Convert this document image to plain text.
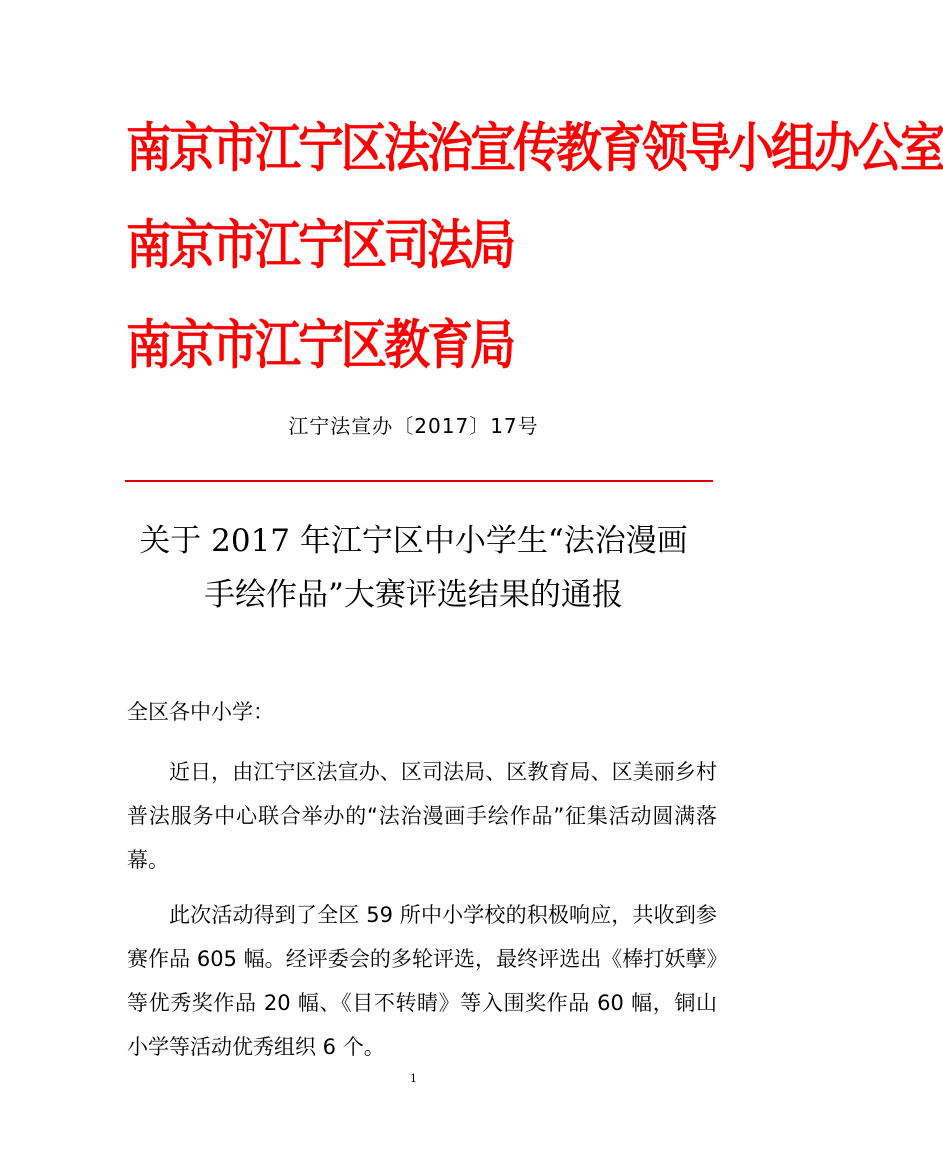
南京市江宁区法治宣传教育领导小组办公室
南京市江宁区司法局
南京市江宁区教育局
江宁法宣办〔2017〕17号
关于 2017 年江宁区中小学生“法治漫画
手绘作品”大赛评选结果的通报
全区各中小学：
近日，由江宁区法宣办、区司法局、区教育局、区美丽乡村普法服务中心联合举办的“法治漫画手绘作品”征集活动圆满落幕。
此次活动得到了全区 59 所中小学校的积极响应，共收到参赛作品 605 幅。经评委会的多轮评选，最终评选出《棒打妖孽》等优秀奖作品 20 幅、《目不转睛》等入围奖作品 60 幅，铜山小学等活动优秀组织 6 个。
1
